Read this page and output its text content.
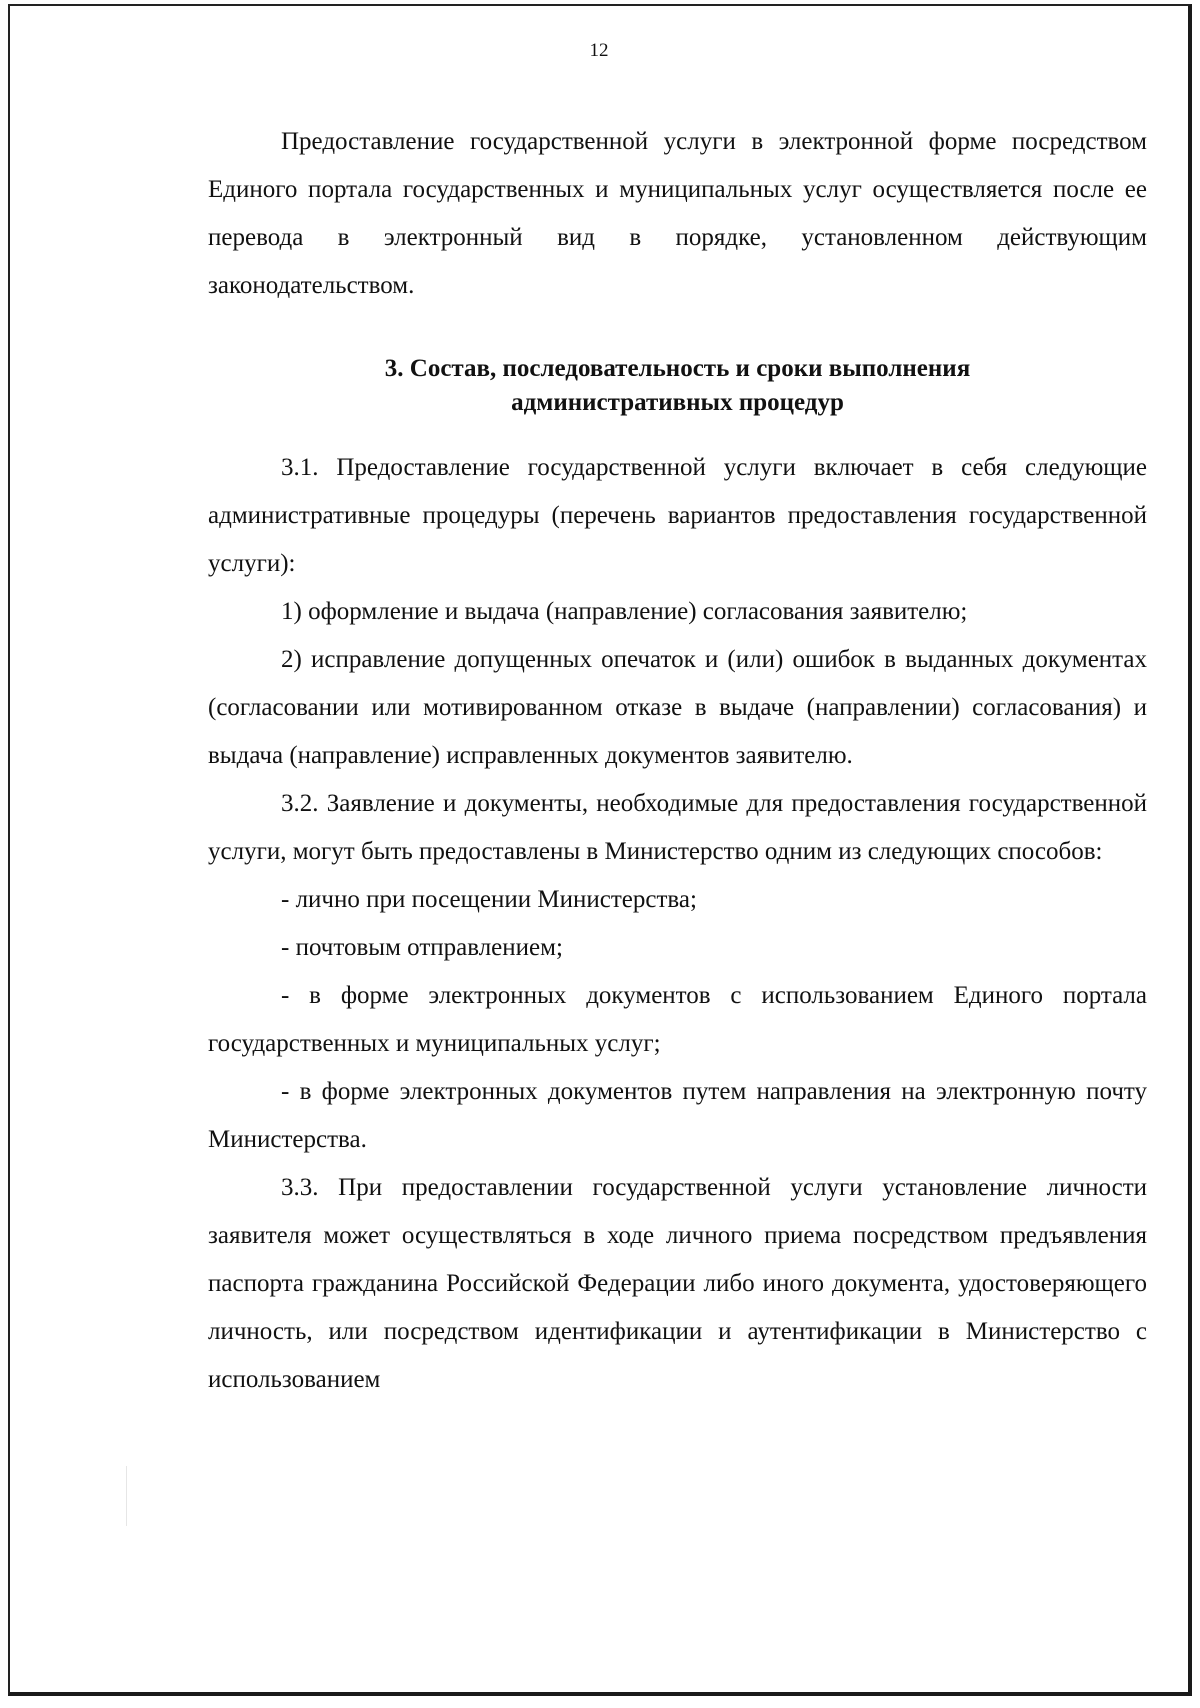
12

Предоставление государственной услуги в электронной форме посредством Единого портала государственных и муниципальных услуг осуществляется после ее перевода в электронный вид в порядке, установленном действующим законодательством.

3. Состав, последовательность и сроки выполнения
административных процедур

3.1. Предоставление государственной услуги включает в себя следующие административные процедуры (перечень вариантов предоставления государственной услуги):

1) оформление и выдача (направление) согласования заявителю;

2) исправление допущенных опечаток и (или) ошибок в выданных документах (согласовании или мотивированном отказе в выдаче (направлении) согласования) и выдача (направление) исправленных документов заявителю.

3.2. Заявление и документы, необходимые для предоставления государственной услуги, могут быть предоставлены в Министерство одним из следующих способов:

- лично при посещении Министерства;

- почтовым отправлением;

- в форме электронных документов с использованием Единого портала государственных и муниципальных услуг;

- в форме электронных документов путем направления на электронную почту Министерства.

3.3. При предоставлении государственной услуги установление личности заявителя может осуществляться в ходе личного приема посредством предъявления паспорта гражданина Российской Федерации либо иного документа, удостоверяющего личность, или посредством идентификации и аутентификации в Министерство с использованием
